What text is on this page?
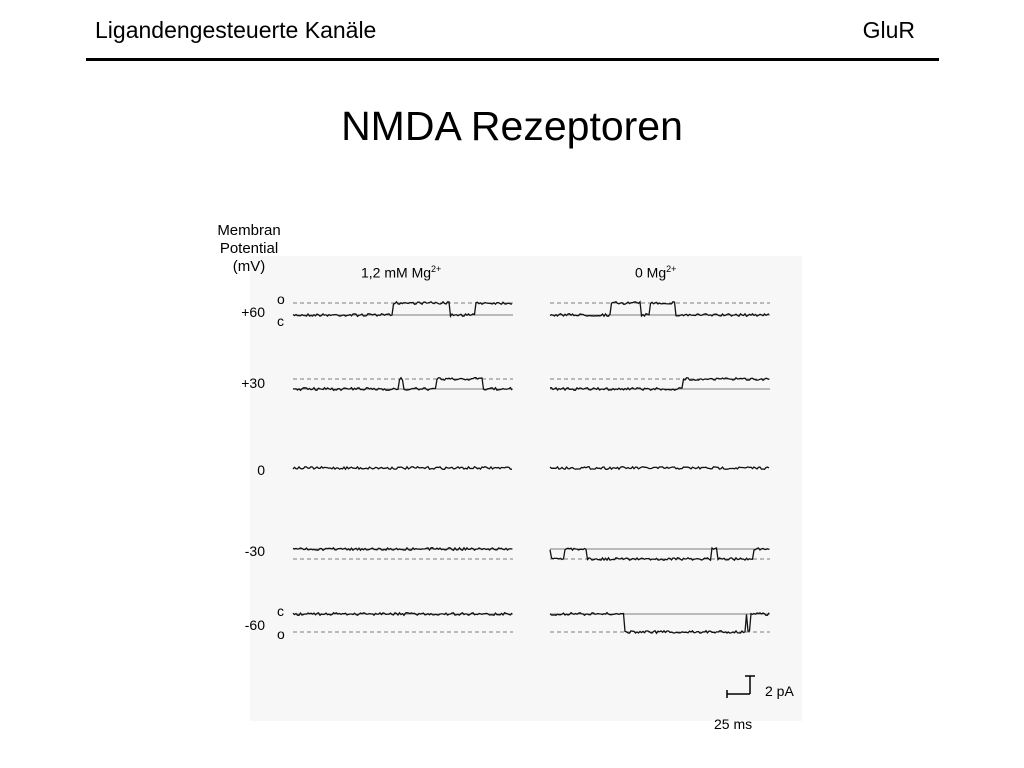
Ligandengesteuerte Kanäle	GluR
NMDA Rezeptoren
Membran
Potential
(mV)	1,2 mM $Mg^{2+}$	0 $Mg^{2+}$
+60
+30
0
-30
-60
o
c
c
o
2 pA
25 ms
